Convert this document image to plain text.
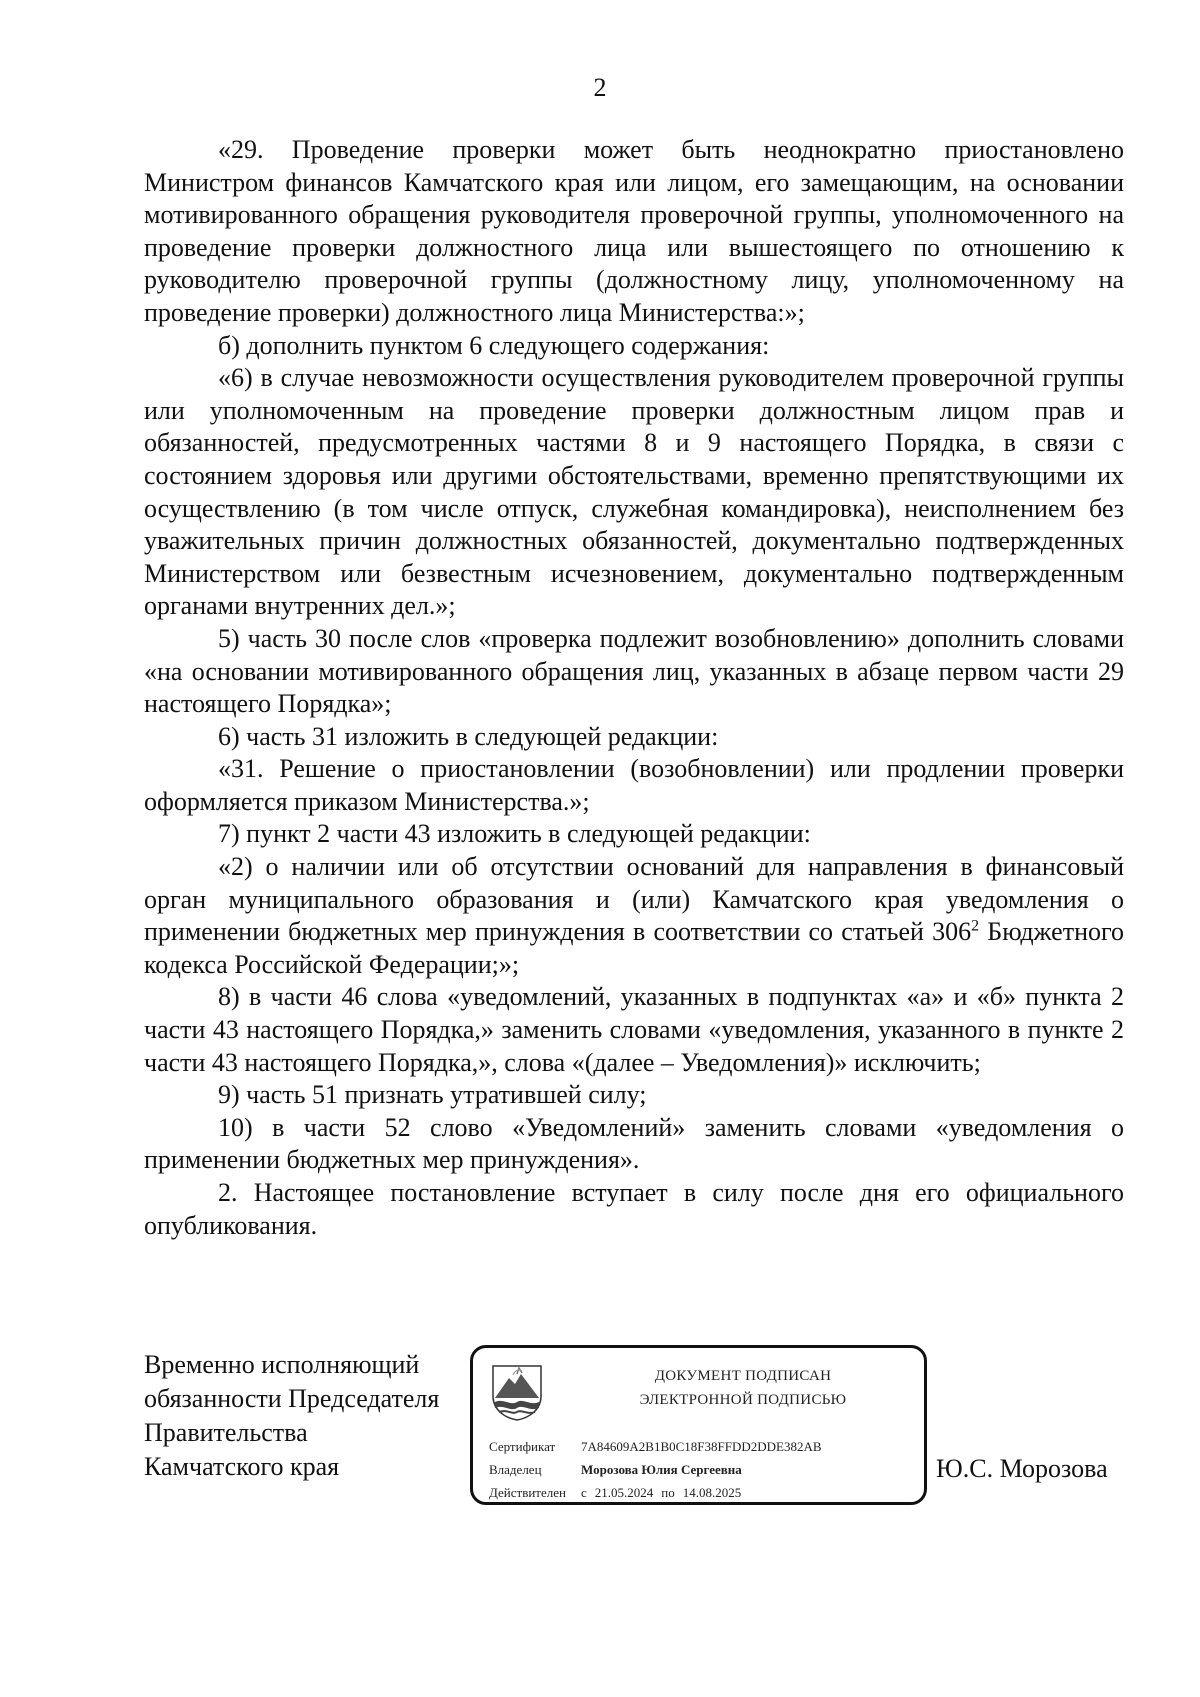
2

«29. Проведение проверки может быть неоднократно приостановлено Министром финансов Камчатского края или лицом, его замещающим, на основании мотивированного обращения руководителя проверочной группы, уполномоченного на проведение проверки должностного лица или вышестоящего по отношению к руководителю проверочной группы (должностному лицу, уполномоченному на проведение проверки) должностного лица Министерства:»;

б) дополнить пунктом 6 следующего содержания:

«6) в случае невозможности осуществления руководителем проверочной группы или уполномоченным на проведение проверки должностным лицом прав и обязанностей, предусмотренных частями 8 и 9 настоящего Порядка, в связи с состоянием здоровья или другими обстоятельствами, временно препятствующими их осуществлению (в том числе отпуск, служебная командировка), неисполнением без уважительных причин должностных обязанностей, документально подтвержденных Министерством или безвестным исчезновением, документально подтвержденным органами внутренних дел.»;

5) часть 30 после слов «проверка подлежит возобновлению» дополнить словами «на основании мотивированного обращения лиц, указанных в абзаце первом части 29 настоящего Порядка»;

6) часть 31 изложить в следующей редакции:

«31. Решение о приостановлении (возобновлении) или продлении проверки оформляется приказом Министерства.»;

7) пункт 2 части 43 изложить в следующей редакции:

«2) о наличии или об отсутствии оснований для направления в финансовый орган муниципального образования и (или) Камчатского края уведомления о применении бюджетных мер принуждения в соответствии со статьей $306^2$ Бюджетного кодекса Российской Федерации;»;

8) в части 46 слова «уведомлений, указанных в подпунктах «а» и «б» пункта 2 части 43 настоящего Порядка,» заменить словами «уведомления, указанного в пункте 2 части 43 настоящего Порядка,», слова «(далее – Уведомления)» исключить;

9) часть 51 признать утратившей силу;

10) в части 52 слово «Уведомлений» заменить словами «уведомления о применении бюджетных мер принуждения».

2. Настоящее постановление вступает в силу после дня его официального опубликования.

Временно исполняющий
обязанности Председателя
Правительства
Камчатского края
ДОКУМЕНТ ПОДПИСАН
ЭЛЕКТРОННОЙ ПОДПИСЬЮ
Сертификат 7A84609A2B1B0C18F38FFDD2DDE382AB
Владелец	Морозова Юлия Сергеевна
Действителен с 21.05.2024 по 14.08.2025
Ю.С. Морозова
